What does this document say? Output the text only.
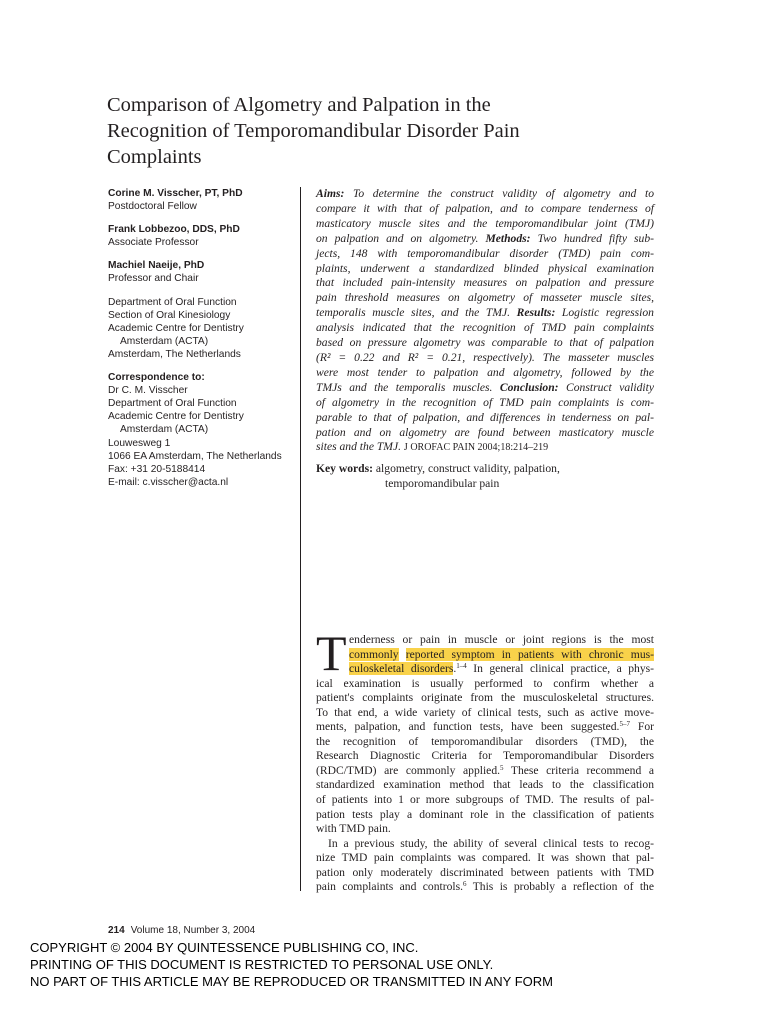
Comparison of Algometry and Palpation in the
Recognition of Temporomandibular Disorder Pain
Complaints
Corine M. Visscher, PT, PhD
Postdoctoral Fellow
Frank Lobbezoo, DDS, PhD
Associate Professor
Machiel Naeije, PhD
Professor and Chair
Department of Oral Function
Section of Oral Kinesiology
Academic Centre for Dentistry
Amsterdam (ACTA)
Amsterdam, The Netherlands
Correspondence to:
Dr C. M. Visscher
Department of Oral Function
Academic Centre for Dentistry
Amsterdam (ACTA)
Louwesweg 1
1066 EA Amsterdam, The Netherlands
Fax: +31 20-5188414
E-mail: c.visscher@acta.nl
Aims: To determine the construct validity of algometry and to
compare it with that of palpation, and to compare tenderness of
masticatory muscle sites and the temporomandibular joint (TMJ)
on palpation and on algometry. Methods: Two hundred fifty sub-
jects, 148 with temporomandibular disorder (TMD) pain com-
plaints, underwent a standardized blinded physical examination
that included pain-intensity measures on palpation and pressure
pain threshold measures on algometry of masseter muscle sites,
temporalis muscle sites, and the TMJ. Results: Logistic regression
analysis indicated that the recognition of TMD pain complaints
based on pressure algometry was comparable to that of palpation
(R² = 0.22 and R² = 0.21, respectively). The masseter muscles
were most tender to palpation and algometry, followed by the
TMJs and the temporalis muscles. Conclusion: Construct validity
of algometry in the recognition of TMD pain complaints is com-
parable to that of palpation, and differences in tenderness on pal-
pation and on algometry are found between masticatory muscle
sites and the TMJ. J OROFAC PAIN 2004;18:214–219
Key words: algometry, construct validity, palpation,
temporomandibular pain
T enderness or pain in muscle or joint regions is the most
commonly reported symptom in patients with chronic mus-
culoskeletal disorders.$^{1-4}$ In general clinical practice, a phys-
ical examination is usually performed to confirm whether a
patient's complaints originate from the musculoskeletal structures.
To that end, a wide variety of clinical tests, such as active move-
ments, palpation, and function tests, have been suggested.$^{5-7}$ For
the recognition of temporomandibular disorders (TMD), the
Research Diagnostic Criteria for Temporomandibular Disorders
(RDC/TMD) are commonly applied.$^5$ These criteria recommend a
standardized examination method that leads to the classification
of patients into 1 or more subgroups of TMD. The results of pal-
pation tests play a dominant role in the classification of patients
with TMD pain.
In a previous study, the ability of several clinical tests to recog-
nize TMD pain complaints was compared. It was shown that pal-
pation only moderately discriminated between patients with TMD
pain complaints and controls.$^6$ This is probably a reflection of the
214 Volume 18, Number 3, 2004
COPYRIGHT © 2004 BY QUINTESSENCE PUBLISHING CO, INC.
PRINTING OF THIS DOCUMENT IS RESTRICTED TO PERSONAL USE ONLY.
NO PART OF THIS ARTICLE MAY BE REPRODUCED OR TRANSMITTED IN ANY FORM
